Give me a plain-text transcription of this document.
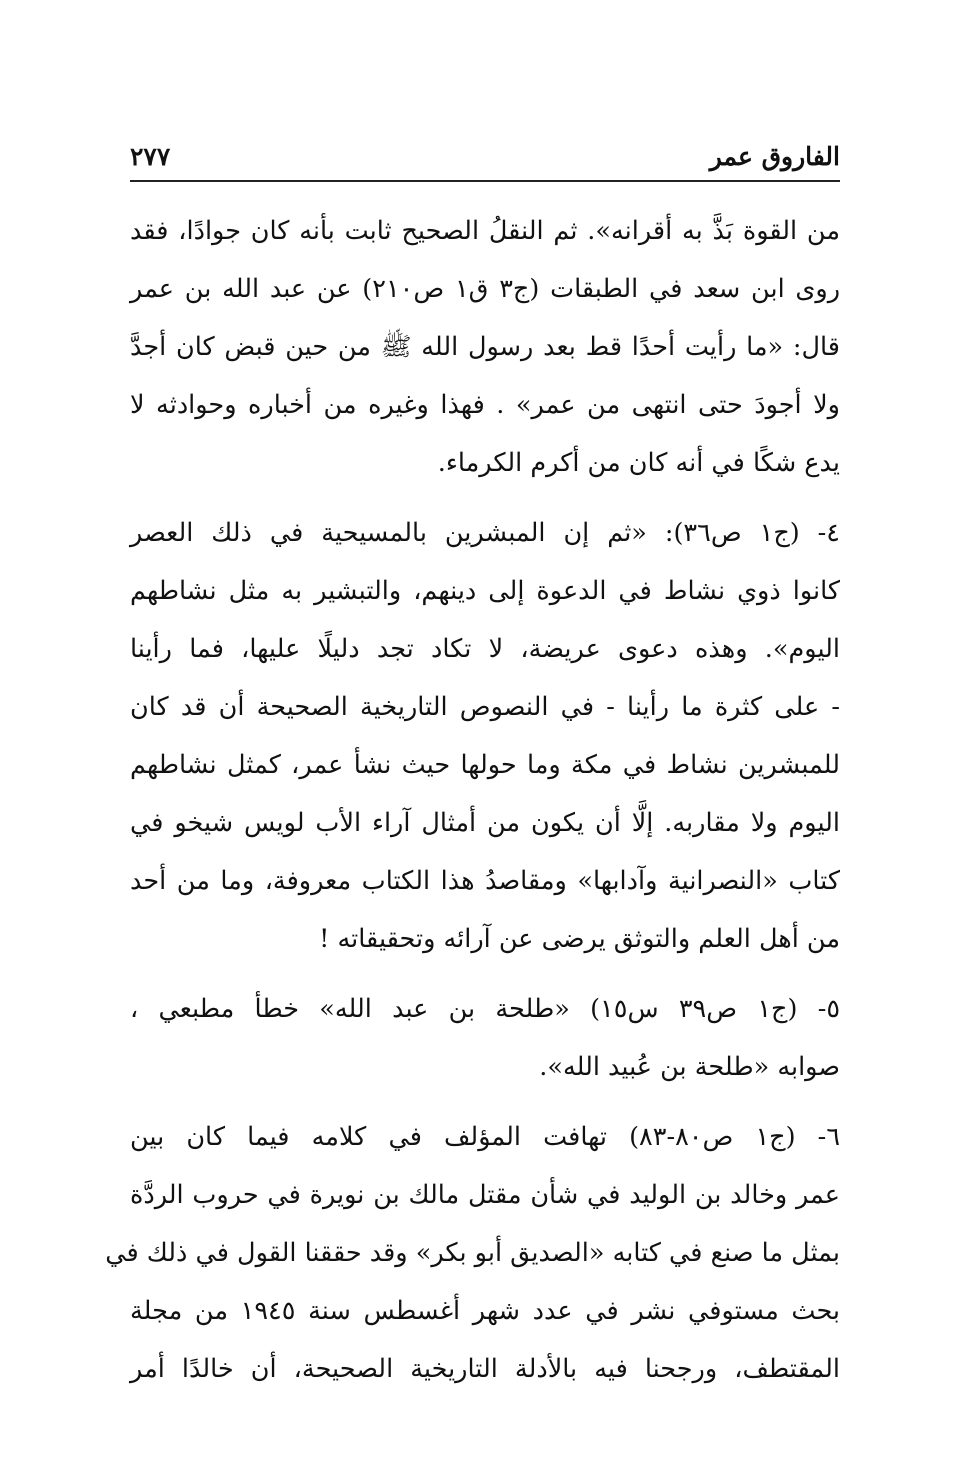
الفاروق عمر
٢٧٧

من القوة بَذَّ به أقرانه». ثم النقلُ الصحيح ثابت بأنه كان جوادًا، فقد
روى ابن سعد في الطبقات (ج٣ ق١ ص٢١٠) عن عبد الله بن عمر
قال: «ما رأيت أحدًا قط بعد رسول الله ﷺ من حين قبض كان أجدَّ
ولا أجودَ حتى انتهى من عمر» . فهذا وغيره من أخباره وحوادثه لا
يدع شكًا في أنه كان من أكرم الكرماء.

٤- (ج١ ص٣٦): «ثم إن المبشرين بالمسيحية في ذلك العصر
كانوا ذوي نشاط في الدعوة إلى دينهم، والتبشير به مثل نشاطهم
اليوم». وهذه دعوى عريضة، لا تكاد تجد دليلًا عليها، فما رأينا
- على كثرة ما رأينا - في النصوص التاريخية الصحيحة أن قد كان
للمبشرين نشاط في مكة وما حولها حيث نشأ عمر، كمثل نشاطهم
اليوم ولا مقاربه. إلَّا أن يكون من أمثال آراء الأب لويس شيخو في
كتاب «النصرانية وآدابها» ومقاصدُ هذا الكتاب معروفة، وما من أحد
من أهل العلم والتوثق يرضى عن آرائه وتحقيقاته !

٥- (ج١ ص٣٩ س١٥) «طلحة بن عبد الله» خطأ مطبعي ،
صوابه «طلحة بن عُبيد الله».

٦- (ج١ ص٨٠-٨٣) تهافت المؤلف في كلامه فيما كان بين
عمر وخالد بن الوليد في شأن مقتل مالك بن نويرة في حروب الردَّة
بمثل ما صنع في كتابه «الصديق أبو بكر» وقد حققنا القول في ذلك في
بحث مستوفي نشر في عدد شهر أغسطس سنة ١٩٤٥ من مجلة
المقتطف، ورجحنا فيه بالأدلة التاريخية الصحيحة، أن خالدًا أمر
